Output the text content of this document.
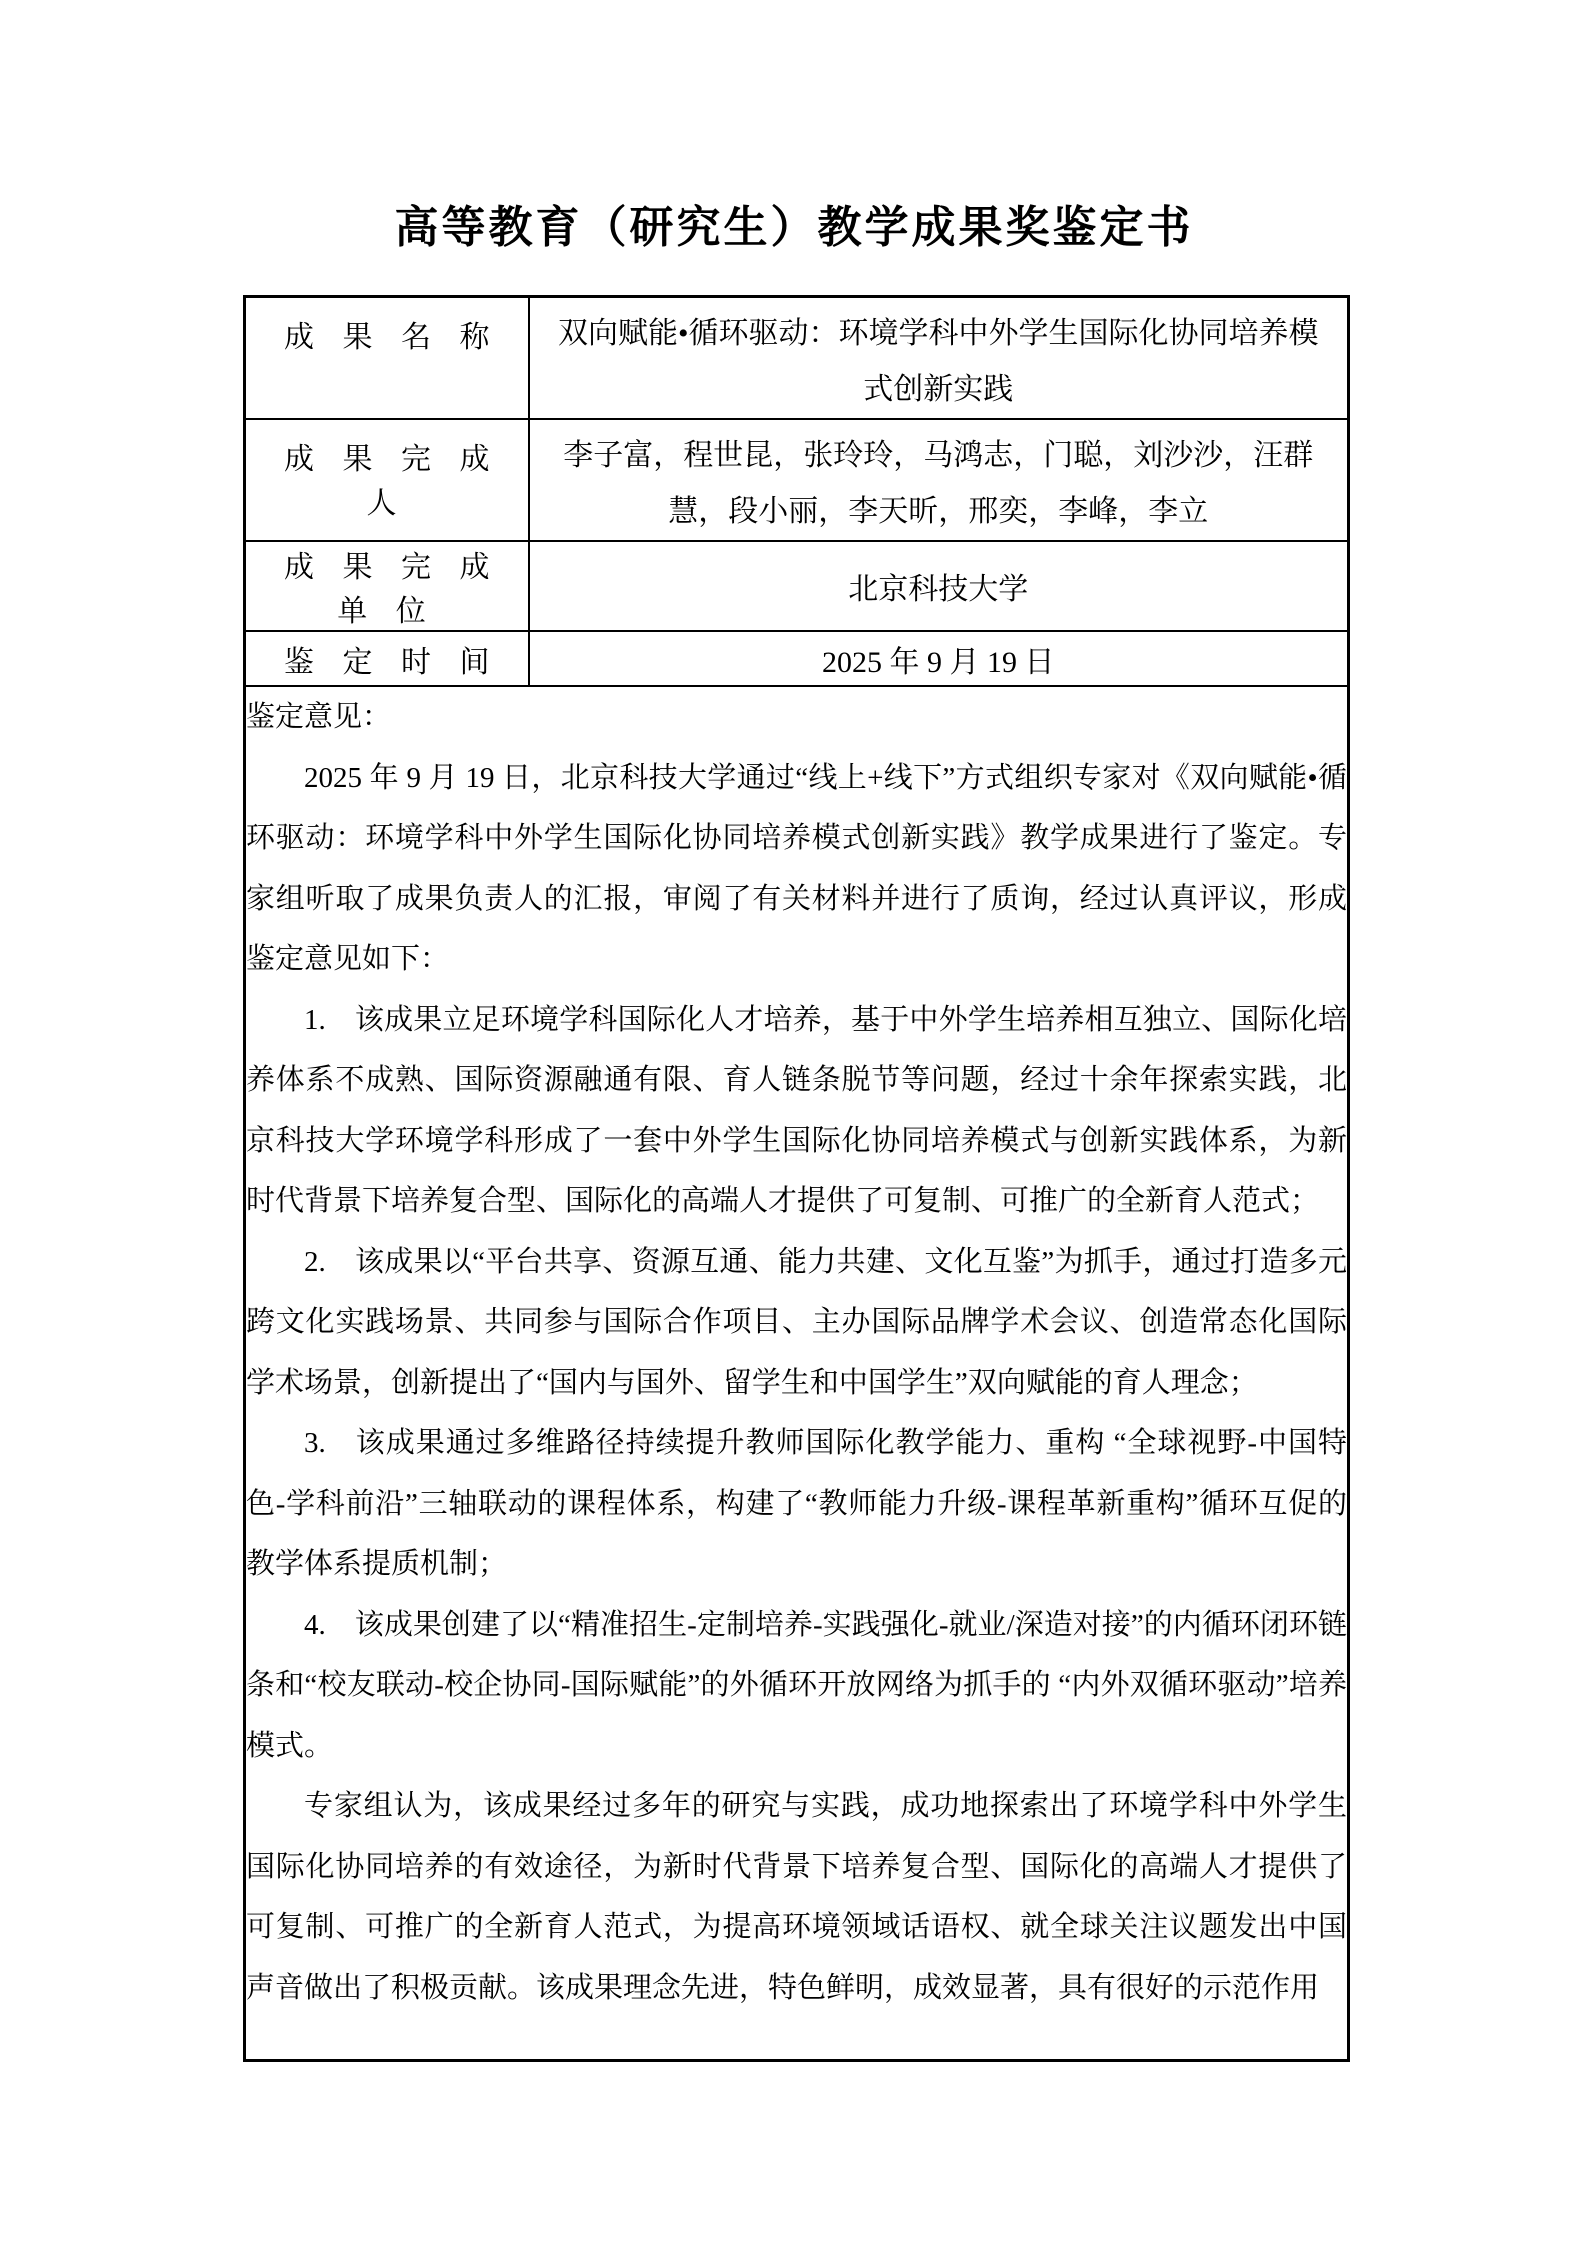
高等教育（研究生）教学成果奖鉴定书
成 果 名 称	双向赋能•循环驱动：环境学科中外学生国际化协同培养模式创新实践
成 果 完 成 人	李子富，程世昆，张玲玲，马鸿志，门聪，刘沙沙，汪群慧，段小丽，李天昕，邢奕，李峰，李立
成 果 完 成 单 位	北京科技大学
鉴 定 时 间	2025 年 9 月 19 日

鉴定意见：

2025 年 9 月 19 日，北京科技大学通过“线上+线下”方式组织专家对《双向赋能•循环驱动：环境学科中外学生国际化协同培养模式创新实践》教学成果进行了鉴定。专家组听取了成果负责人的汇报，审阅了有关材料并进行了质询，经过认真评议，形成鉴定意见如下：

1. 该成果立足环境学科国际化人才培养，基于中外学生培养相互独立、国际化培养体系不成熟、国际资源融通有限、育人链条脱节等问题，经过十余年探索实践，北京科技大学环境学科形成了一套中外学生国际化协同培养模式与创新实践体系，为新时代背景下培养复合型、国际化的高端人才提供了可复制、可推广的全新育人范式；

2. 该成果以“平台共享、资源互通、能力共建、文化互鉴”为抓手，通过打造多元跨文化实践场景、共同参与国际合作项目、主办国际品牌学术会议、创造常态化国际学术场景，创新提出了“国内与国外、留学生和中国学生”双向赋能的育人理念；

3. 该成果通过多维路径持续提升教师国际化教学能力、重构 “全球视野-中国特色-学科前沿”三轴联动的课程体系，构建了“教师能力升级-课程革新重构”循环互促的教学体系提质机制；

4. 该成果创建了以“精准招生-定制培养-实践强化-就业/深造对接”的内循环闭环链条和“校友联动-校企协同-国际赋能”的外循环开放网络为抓手的 “内外双循环驱动”培养模式。

专家组认为，该成果经过多年的研究与实践，成功地探索出了环境学科中外学生国际化协同培养的有效途径，为新时代背景下培养复合型、国际化的高端人才提供了可复制、可推广的全新育人范式，为提高环境领域话语权、就全球关注议题发出中国声音做出了积极贡献。该成果理念先进，特色鲜明，成效显著，具有很好的示范作用
